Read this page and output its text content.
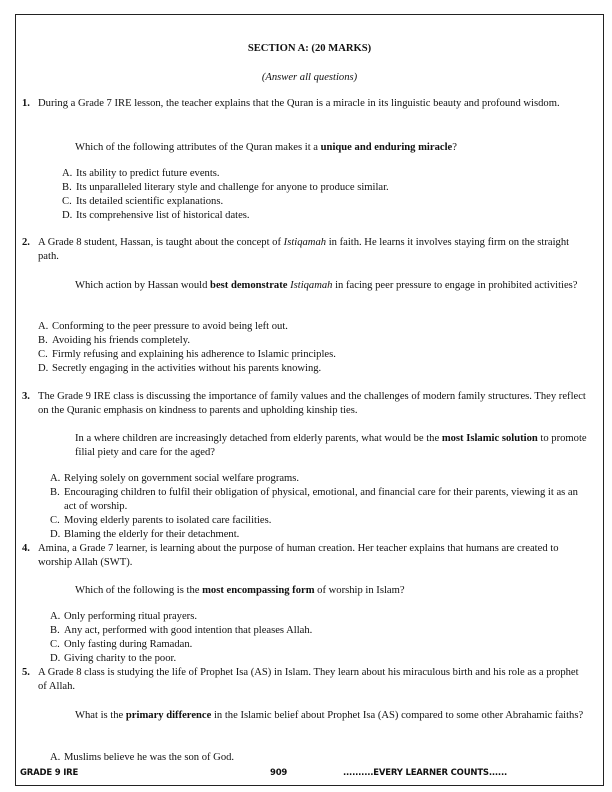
SECTION A: (20 MARKS)
(Answer all questions)
1. During a Grade 7 IRE lesson, the teacher explains that the Quran is a miracle in its linguistic beauty and profound wisdom.
Which of the following attributes of the Quran makes it a unique and enduring miracle?
A. Its ability to predict future events.
B. Its unparalleled literary style and challenge for anyone to produce similar.
C. Its detailed scientific explanations.
D. Its comprehensive list of historical dates.
2. A Grade 8 student, Hassan, is taught about the concept of Istiqamah in faith. He learns it involves staying firm on the straight path.
Which action by Hassan would best demonstrate Istiqamah in facing peer pressure to engage in prohibited activities?
A. Conforming to the peer pressure to avoid being left out.
B. Avoiding his friends completely.
C. Firmly refusing and explaining his adherence to Islamic principles.
D. Secretly engaging in the activities without his parents knowing.
3. The Grade 9 IRE class is discussing the importance of family values and the challenges of modern family structures. They reflect on the Quranic emphasis on kindness to parents and upholding kinship ties.
In a where children are increasingly detached from elderly parents, what would be the most Islamic solution to promote filial piety and care for the aged?
A. Relying solely on government social welfare programs.
B. Encouraging children to fulfil their obligation of physical, emotional, and financial care for their parents, viewing it as an act of worship.
C. Moving elderly parents to isolated care facilities.
D. Blaming the elderly for their detachment.
4. Amina, a Grade 7 learner, is learning about the purpose of human creation. Her teacher explains that humans are created to worship Allah (SWT).
Which of the following is the most encompassing form of worship in Islam?
A. Only performing ritual prayers.
B. Any act, performed with good intention that pleases Allah.
C. Only fasting during Ramadan.
D. Giving charity to the poor.
5. A Grade 8 class is studying the life of Prophet Isa (AS) in Islam. They learn about his miraculous birth and his role as a prophet of Allah.
What is the primary difference in the Islamic belief about Prophet Isa (AS) compared to some other Abrahamic faiths?
A. Muslims believe he was the son of God.
GRADE 9 IRE	909	..........EVERY LEARNER COUNTS......
